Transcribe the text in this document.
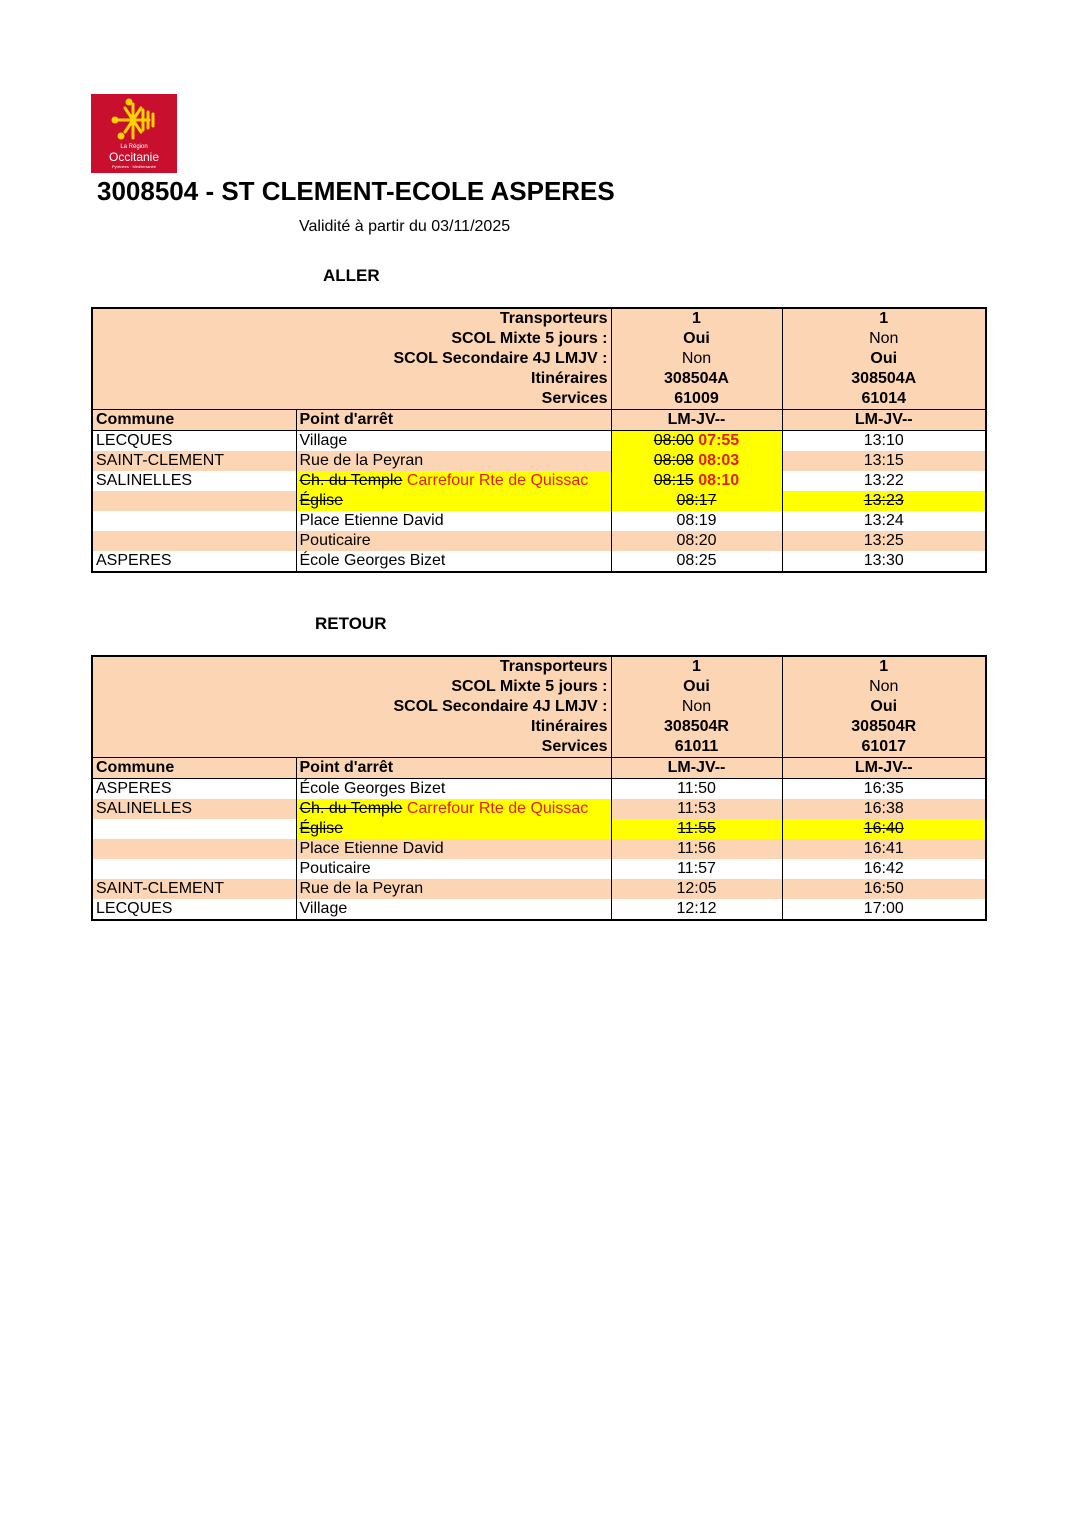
La Région
Occitanie
Pyrénées · Méditerranée
3008504 - ST CLEMENT-ECOLE ASPERES
Validité à partir du 03/11/2025
ALLER
Transporteurs		1	1
SCOL Mixte 5 jours :		Oui	Non
SCOL Secondaire 4J LMJV :		Non	Oui
Itinéraires		308504A	308504A
Services		61009	61014
Commune	Point d'arrêt	LM-JV--	LM-JV--
LECQUES	Village	08:00 07:55	13:10
SAINT-CLEMENT	Rue de la Peyran	08:08 08:03	13:15
SALINELLES	Ch. du Temple Carrefour Rte de Quissac	08:15 08:10	13:22
	Église	08:17	13:23
	Place Etienne David	08:19	13:24
	Pouticaire	08:20	13:25
ASPERES	École Georges Bizet	08:25	13:30
RETOUR
Transporteurs		1	1
SCOL Mixte 5 jours :		Oui	Non
SCOL Secondaire 4J LMJV :		Non	Oui
Itinéraires		308504R	308504R
Services		61011	61017
Commune	Point d'arrêt	LM-JV--	LM-JV--
ASPERES	École Georges Bizet	11:50	16:35
SALINELLES	Ch. du Temple Carrefour Rte de Quissac	11:53	16:38
	Église	11:55	16:40
	Place Etienne David	11:56	16:41
	Pouticaire	11:57	16:42
SAINT-CLEMENT	Rue de la Peyran	12:05	16:50
LECQUES	Village	12:12	17:00
